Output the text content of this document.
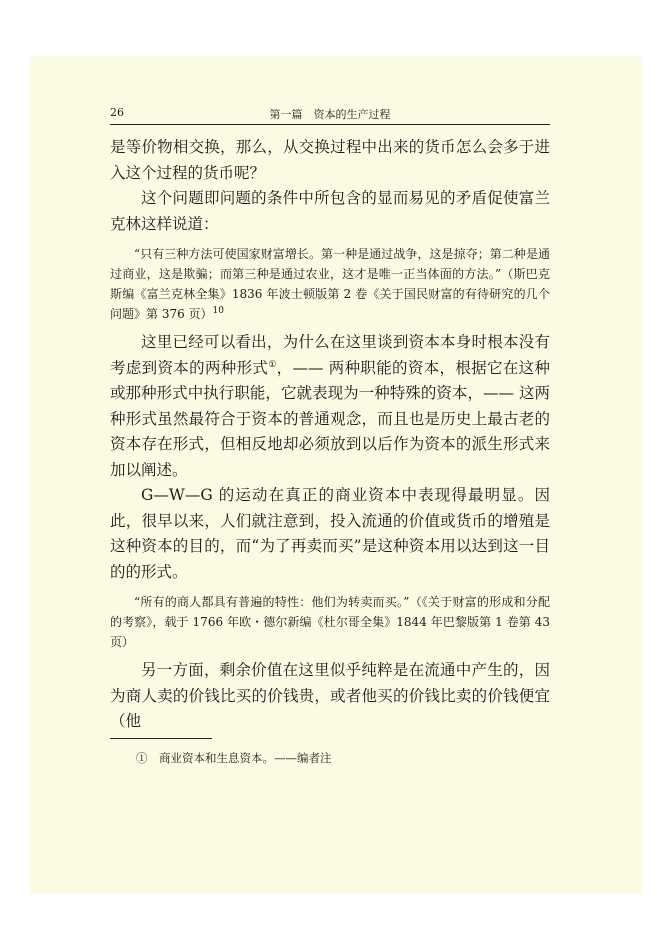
26	第一篇　资本的生产过程

是等价物相交换，那么，从交换过程中出来的货币怎么会多于进入这个过程的货币呢？

这个问题即问题的条件中所包含的显而易见的矛盾促使富兰克林这样说道：

“只有三种方法可使国家财富增长。第一种是通过战争，这是掠夺；第二种是通过商业，这是欺骗；而第三种是通过农业，这才是唯一正当体面的方法。”（斯巴克斯编《富兰克林全集》1836 年波士顿版第 2 卷《关于国民财富的有待研究的几个问题》第 376 页）$^{10}$

这里已经可以看出，为什么在这里谈到资本本身时根本没有考虑到资本的两种形式①，—— 两种职能的资本，根据它在这种或那种形式中执行职能，它就表现为一种特殊的资本，—— 这两种形式虽然最符合于资本的普通观念，而且也是历史上最古老的资本存在形式，但相反地却必须放到以后作为资本的派生形式来加以阐述。

G—W—G 的运动在真正的商业资本中表现得最明显。因此，很早以来，人们就注意到，投入流通的价值或货币的增殖是这种资本的目的，而“为了再卖而买”是这种资本用以达到这一目的的形式。

“所有的商人都具有普遍的特性：他们为转卖而买。”（《关于财富的形成和分配的考察》，载于 1766 年欧・德尔新编《杜尔哥全集》1844 年巴黎版第 1 卷第 43 页）

另一方面，剩余价值在这里似乎纯粹是在流通中产生的，因为商人卖的价钱比买的价钱贵，或者他买的价钱比卖的价钱便宜（他

①　商业资本和生息资本。——编者注
